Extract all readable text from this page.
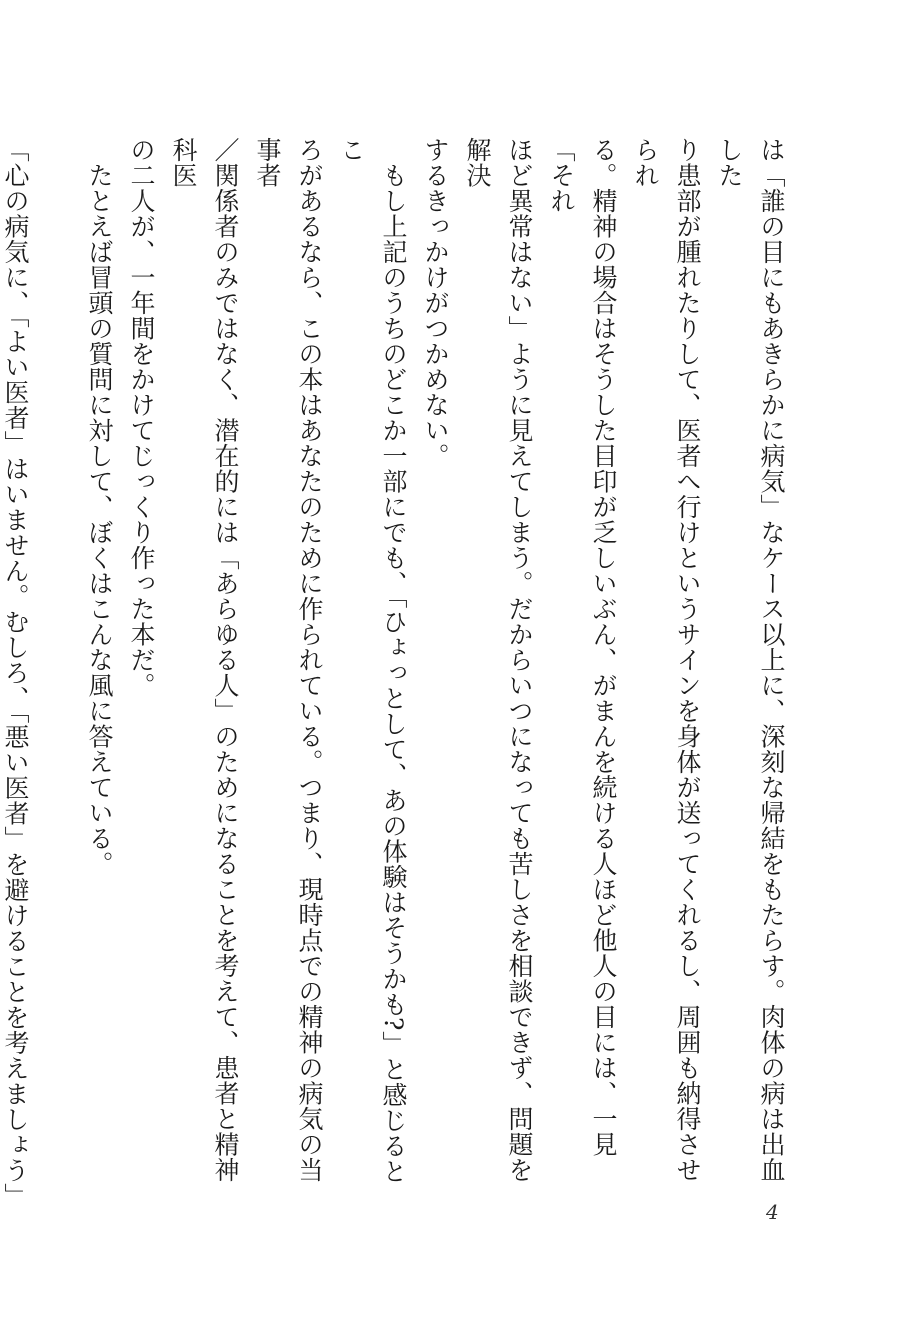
は「誰の目にもあきらかに病気」なケース以上に、深刻な帰結をもたらす。肉体の病は出血した

り患部が腫れたりして、医者へ行けというサインを身体が送ってくれるし、周囲も納得させられ

る。精神の場合はそうした目印が乏しいぶん、がまんを続ける人ほど他人の目には、一見「それ

ほど異常はない」ように見えてしまう。だからいつになっても苦しさを相談できず、問題を解決

するきっかけがつかめない。

　もし上記のうちのどこか一部にでも、「ひょっとして、あの体験はそうかも?」と感じるとこ

ろがあるなら、この本はあなたのために作られている。つまり、現時点での精神の病気の当事者

／関係者のみではなく、潜在的には「あらゆる人」のためになることを考えて、患者と精神科医

の二人が、一年間をかけてじっくり作った本だ。

　たとえば冒頭の質問に対して、ぼくはこんな風に答えている。

「心の病気に、「よい医者」はいません。むしろ、「悪い医者」を避けることを考えましょう」

4
